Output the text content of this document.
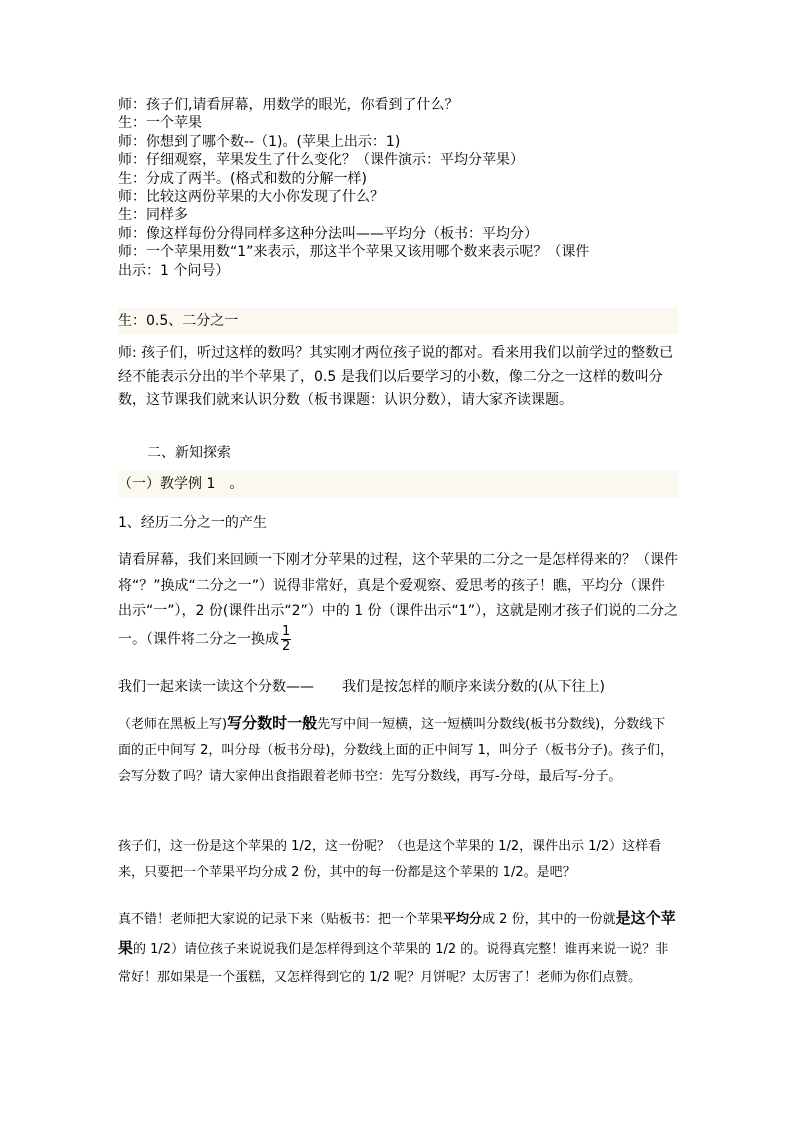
师：孩子们,请看屏幕，用数学的眼光，你看到了什么？
生：一个苹果
师：你想到了哪个数--（1)。(苹果上出示：1)
师：仔细观察，苹果发生了什么变化？（课件演示：平均分苹果）
生：分成了两半。(格式和数的分解一样)
师：比较这两份苹果的大小你发现了什么？
生：同样多
师：像这样每份分得同样多这种分法叫——平均分（板书：平均分）
师：一个苹果用数“1”来表示，那这半个苹果又该用哪个数来表示呢？（课件
出示：1 个问号）
生：0.5、二分之一
师: 孩子们，听过这样的数吗？其实刚才两位孩子说的都对。看来用我们以前学过的整数已经不能表示分出的半个苹果了，0.5 是我们以后要学习的小数，像二分之一这样的数叫分数，这节课我们就来认识分数（板书课题：认识分数），请大家齐读课题。
二、新知探索
（一）教学例 1　。
1、经历二分之一的产生
请看屏幕，我们来回顾一下刚才分苹果的过程，这个苹果的二分之一是怎样得来的？（课件将“？”换成“二分之一”）说得非常好，真是个爱观察、爱思考的孩子！瞧，平均分（课件出示“一”），2 份(课件出示“2”）中的 1 份（课件出示“1”），这就是刚才孩子们说的二分之一。（课件将二分之一换成 $\frac{1}{2}$
我们一起来读一读这个分数——　　我们是按怎样的顺序来读分数的(从下往上)
（老师在黑板上写)写分数时一般先写中间一短横，这一短横叫分数线(板书分数线)，分数线下面的正中间写 2，叫分母（板书分母)，分数线上面的正中间写 1，叫分子（板书分子)。孩子们，会写分数了吗？请大家伸出食指跟着老师书空：先写分数线，再写-分母，最后写-分子。
孩子们，这一份是这个苹果的 1/2，这一份呢？（也是这个苹果的 1/2，课件出示 1/2）这样看来，只要把一个苹果平均分成 2 份，其中的每一份都是这个苹果的 1/2。是吧？
真不错！老师把大家说的记录下来（贴板书：把一个苹果平均分成 2 份，其中的一份就是这个苹果的 1/2）请位孩子来说说我们是怎样得到这个苹果的 1/2 的。说得真完整！谁再来说一说？非常好！那如果是一个蛋糕，又怎样得到它的 1/2 呢？月饼呢？太厉害了！老师为你们点赞。
